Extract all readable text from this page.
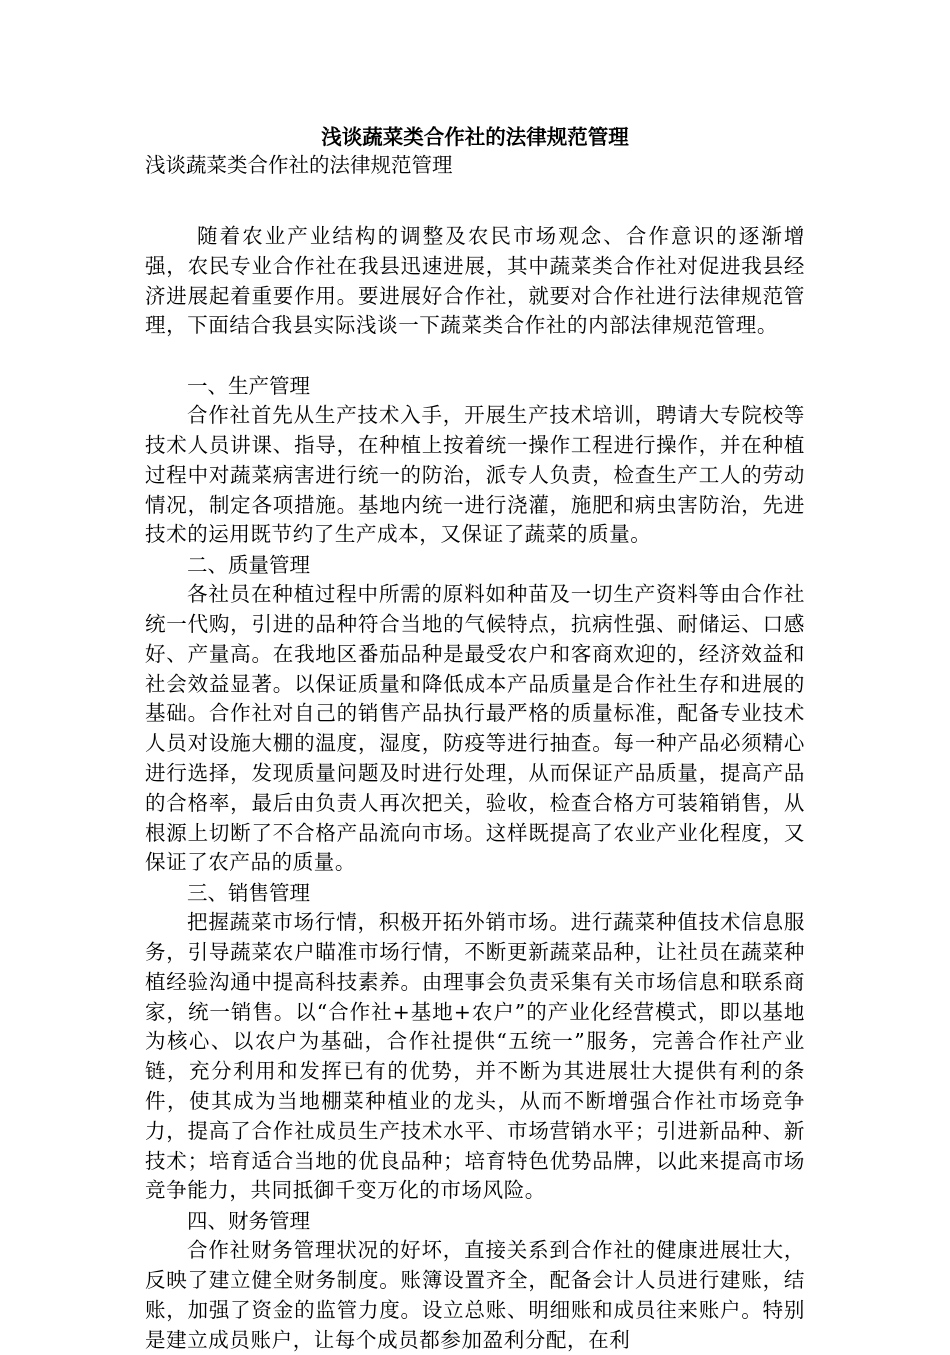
浅谈蔬菜类合作社的法律规范管理

浅谈蔬菜类合作社的法律规范管理

随着农业产业结构的调整及农民市场观念、合作意识的逐渐增强，农民专业合作社在我县迅速进展，其中蔬菜类合作社对促进我县经济进展起着重要作用。要进展好合作社，就要对合作社进行法律规范管理，下面结合我县实际浅谈一下蔬菜类合作社的内部法律规范管理。

一、生产管理

合作社首先从生产技术入手，开展生产技术培训，聘请大专院校等技术人员讲课、指导，在种植上按着统一操作工程进行操作，并在种植过程中对蔬菜病害进行统一的防治，派专人负责，检查生产工人的劳动情况，制定各项措施。基地内统一进行浇灌，施肥和病虫害防治，先进技术的运用既节约了生产成本，又保证了蔬菜的质量。

二、质量管理

各社员在种植过程中所需的原料如种苗及一切生产资料等由合作社统一代购，引进的品种符合当地的气候特点，抗病性强、耐储运、口感好、产量高。在我地区番茄品种是最受农户和客商欢迎的，经济效益和社会效益显著。以保证质量和降低成本产品质量是合作社生存和进展的基础。合作社对自己的销售产品执行最严格的质量标准，配备专业技术人员对设施大棚的温度，湿度，防疫等进行抽查。每一种产品必须精心进行选择，发现质量问题及时进行处理，从而保证产品质量，提高产品的合格率，最后由负责人再次把关，验收，检查合格方可装箱销售，从根源上切断了不合格产品流向市场。这样既提高了农业产业化程度，又保证了农产品的质量。

三、销售管理

把握蔬菜市场行情，积极开拓外销市场。进行蔬菜种值技术信息服务，引导蔬菜农户瞄准市场行情，不断更新蔬菜品种，让社员在蔬菜种植经验沟通中提高科技素养。由理事会负责采集有关市场信息和联系商家，统一销售。以“合作社+基地+农户”的产业化经营模式，即以基地为核心、以农户为基础，合作社提供“五统一”服务，完善合作社产业链，充分利用和发挥已有的优势，并不断为其进展壮大提供有利的条件，使其成为当地棚菜种植业的龙头，从而不断增强合作社市场竞争力，提高了合作社成员生产技术水平、市场营销水平；引进新品种、新技术；培育适合当地的优良品种；培育特色优势品牌，以此来提高市场竞争能力，共同抵御千变万化的市场风险。

四、财务管理

合作社财务管理状况的好坏，直接关系到合作社的健康进展壮大，反映了建立健全财务制度。账簿设置齐全，配备会计人员进行建账，结账，加强了资金的监管力度。设立总账、明细账和成员往来账户。特别是建立成员账户，让每个成员都参加盈利分配，在利
